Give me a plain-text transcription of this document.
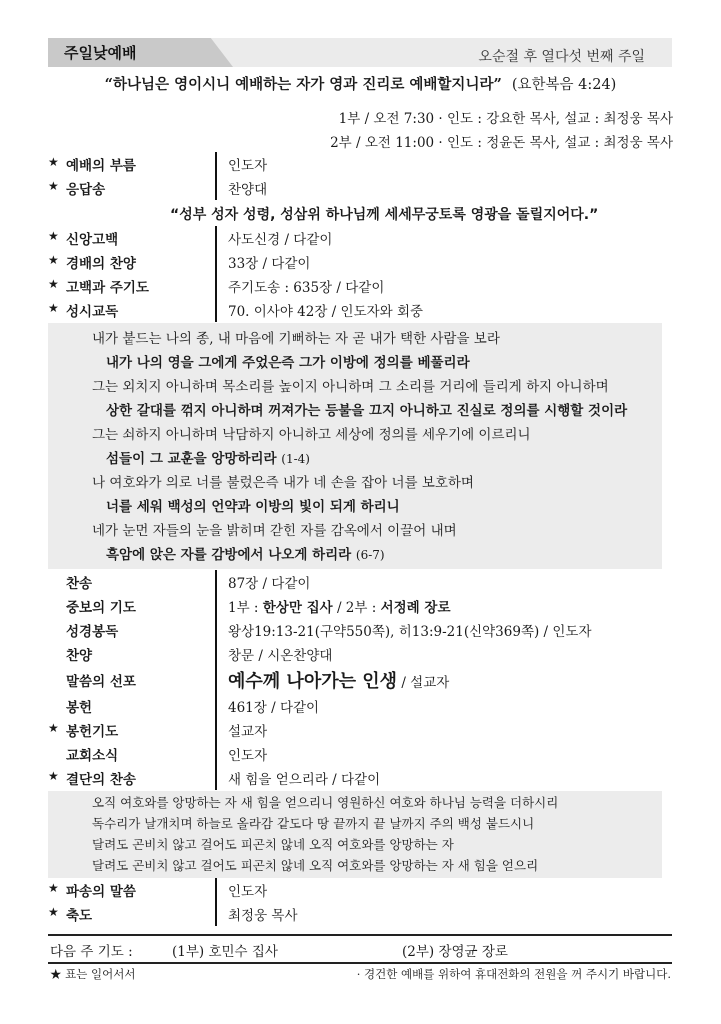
주일낮예배	오순절 후 열다섯 번째 주일
“하나님은 영이시니 예배하는 자가 영과 진리로 예배할지니라” (요한복음 4:24)
1부 / 오전 7:30 · 인도 : 강요한 목사, 설교 : 최정웅 목사
2부 / 오전 11:00 · 인도 : 정윤돈 목사, 설교 : 최정웅 목사
★ 예배의 부름	인도자
★ 응답송	찬양대
“성부 성자 성령, 성삼위 하나님께 세세무궁토록 영광을 돌릴지어다.”
★ 신앙고백	사도신경 / 다같이
★ 경배의 찬양	33장 / 다같이
★ 고백과 주기도	주기도송 : 635장 / 다같이
★ 성시교독	70. 이사야 42장 / 인도자와 회중
내가 붙드는 나의 종, 내 마음에 기뻐하는 자 곧 내가 택한 사람을 보라
내가 나의 영을 그에게 주었은즉 그가 이방에 정의를 베풀리라
그는 외치지 아니하며 목소리를 높이지 아니하며 그 소리를 거리에 들리게 하지 아니하며
상한 갈대를 꺾지 아니하며 꺼져가는 등불을 끄지 아니하고 진실로 정의를 시행할 것이라
그는 쇠하지 아니하며 낙담하지 아니하고 세상에 정의를 세우기에 이르리니
섬들이 그 교훈을 앙망하리라 (1-4)
나 여호와가 의로 너를 불렀은즉 내가 네 손을 잡아 너를 보호하며
너를 세워 백성의 언약과 이방의 빛이 되게 하리니
네가 눈먼 자들의 눈을 밝히며 갇힌 자를 감옥에서 이끌어 내며
흑암에 앉은 자를 감방에서 나오게 하리라 (6-7)
찬송	87장 / 다같이
중보의 기도	1부 : 한상만 집사 / 2부 : 서정례 장로
성경봉독	왕상19:13-21(구약550쪽), 히13:9-21(신약369쪽) / 인도자
찬양	창문 / 시온찬양대
말씀의 선포	예수께 나아가는 인생 / 설교자
봉헌	461장 / 다같이
★ 봉헌기도	설교자
교회소식	인도자
★ 결단의 찬송	새 힘을 얻으리라 / 다같이
오직 여호와를 앙망하는 자 새 힘을 얻으리니 영원하신 여호와 하나님 능력을 더하시리
독수리가 날개치며 하늘로 올라감 같도다 땅 끝까지 끝 날까지 주의 백성 붙드시니
달려도 곤비치 않고 걸어도 피곤치 않네 오직 여호와를 앙망하는 자
달려도 곤비치 않고 걸어도 피곤치 않네 오직 여호와를 앙망하는 자 새 힘을 얻으리
★ 파송의 말씀	인도자
★ 축도	최정웅 목사
다음 주 기도 :	(1부) 호민수 집사	(2부) 장영균 장로
★ 표는 일어서서	· 경건한 예배를 위하여 휴대전화의 전원을 꺼 주시기 바랍니다.
